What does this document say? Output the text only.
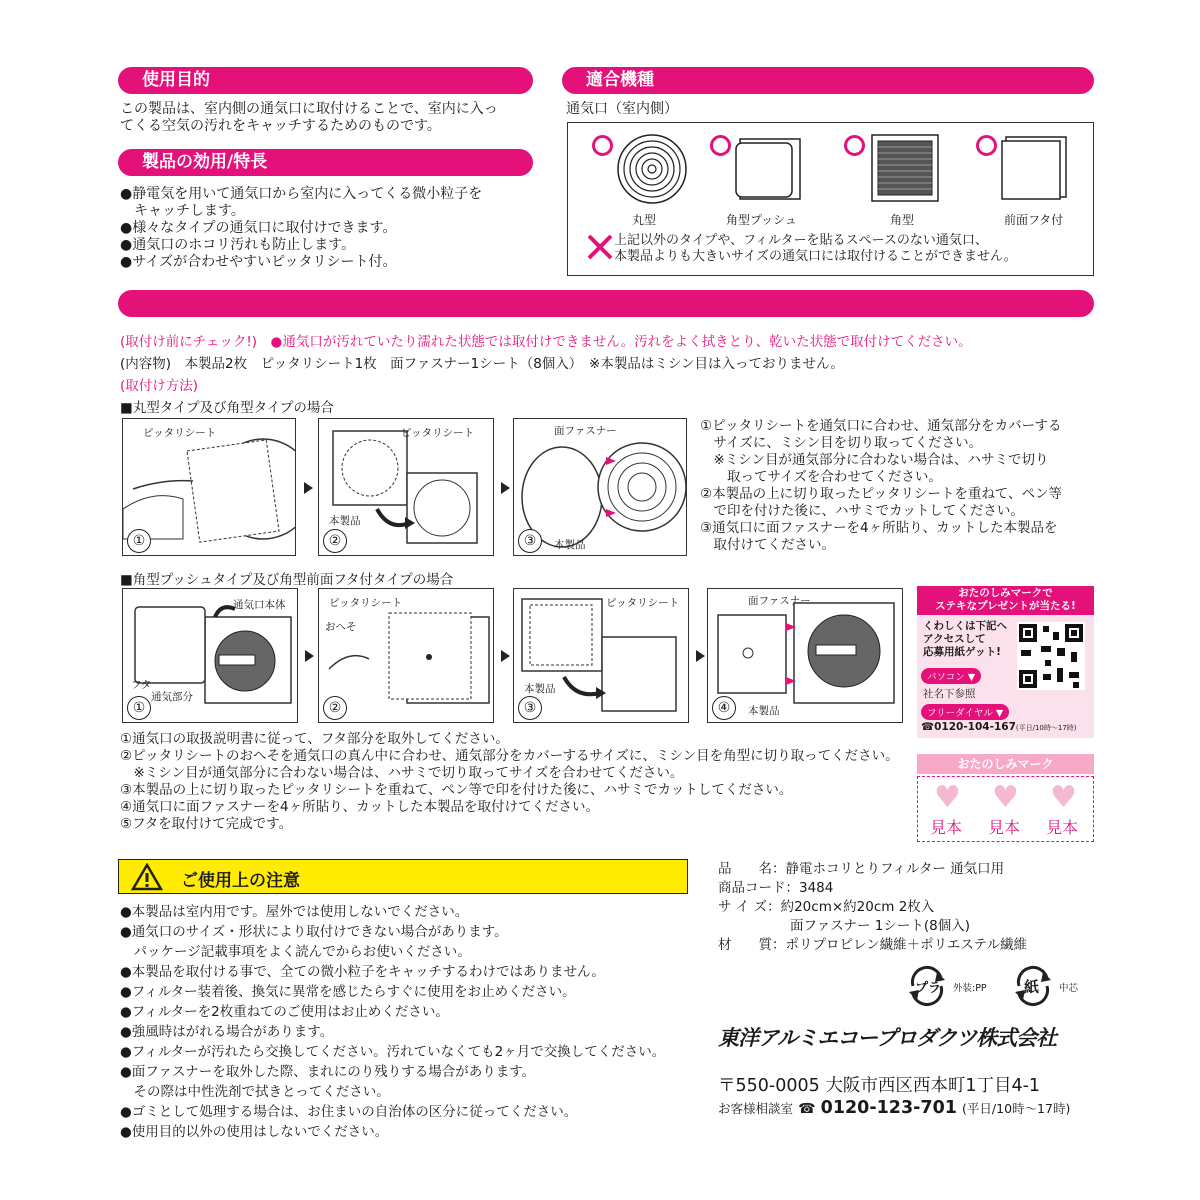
使用目的
この製品は、室内側の通気口に取付けることで、室内に入っ
てくる空気の汚れをキャッチするためのものです。
製品の効用/特長
●静電気を用いて通気口から室内に入ってくる微小粒子を
　キャッチします。
●様々なタイプの通気口に取付けできます。
●通気口のホコリ汚れも防止します。
●サイズが合わせやすいピッタリシート付。
適合機種
通気口（室内側）
丸型	角型プッシュ	角型	前面フタ付
上記以外のタイプや、フィルターを貼るスペースのない通気口、
本製品よりも大きいサイズの通気口には取付けることができません。
(取付け前にチェック!)　●通気口が汚れていたり濡れた状態では取付けできません。汚れをよく拭きとり、乾いた状態で取付けてください。
(内容物)　本製品2枚　ピッタリシート1枚　面ファスナー1シート（8個入）　※本製品はミシン目は入っておりません。
(取付け方法)
■丸型タイプ及び角型タイプの場合
ピッタリシート
①
ピッタリシート
本製品
②
面ファスナー
本製品
③
①ピッタリシートを通気口に合わせ、通気部分をカバーする
　サイズに、ミシン目を切り取ってください。
　※ミシン目が通気部分に合わない場合は、ハサミで切り
　　取ってサイズを合わせてください。
②本製品の上に切り取ったピッタリシートを重ねて、ペン等
　で印を付けた後に、ハサミでカットしてください。
③通気口に面ファスナーを4ヶ所貼り、カットした本製品を
　取付けてください。
■角型プッシュタイプ及び角型前面フタ付タイプの場合
通気口本体
フタ
通気部分
①
ピッタリシート
おへそ
②
ピッタリシート
本製品
③
面ファスナー
本製品
④
①通気口の取扱説明書に従って、フタ部分を取外してください。
②ピッタリシートのおへそを通気口の真ん中に合わせ、通気部分をカバーするサイズに、ミシン目を角型に切り取ってください。
　※ミシン目が通気部分に合わない場合は、ハサミで切り取ってサイズを合わせてください。
③本製品の上に切り取ったピッタリシートを重ねて、ペン等で印を付けた後に、ハサミでカットしてください。
④通気口に面ファスナーを4ヶ所貼り、カットした本製品を取付けてください。
⑤フタを取付けて完成です。
おたのしみマークで
ステキなプレゼントが当たる!
くわしくは下記へ
アクセスして
応募用紙ゲット!
パソコン ▼
社名下参照
フリーダイヤル ▼
☎0120-104-167(平日/10時〜17時)
おたのしみマーク
♥
見本
♥
見本
♥
見本
ご使用上の注意
●本製品は室内用です。屋外では使用しないでください。
●通気口のサイズ・形状により取付けできない場合があります。
　パッケージ記載事項をよく読んでからお使いください。
●本製品を取付ける事で、全ての微小粒子をキャッチするわけではありません。
●フィルター装着後、換気に異常を感じたらすぐに使用をお止めください。
●フィルターを2枚重ねてのご使用はお止めください。
●強風時はがれる場合があります。
●フィルターが汚れたら交換してください。汚れていなくても2ヶ月で交換してください。
●面ファスナーを取外した際、まれにのり残りする場合があります。
　その際は中性洗剤で拭きとってください。
●ゴミとして処理する場合は、お住まいの自治体の区分に従ってください。
●使用目的以外の使用はしないでください。
品　　名：静電ホコリとりフィルター 通気口用
商品コード：3484
サ イ ズ：約20cm×約20cm 2枚入
面ファスナー 1シート(8個入)
材　　質：ポリプロピレン繊維＋ポリエステル繊維
プラ 外装:PP 紙 中芯
東洋アルミエコープロダクツ株式会社
〒550-0005 大阪市西区西本町1丁目4-1
お客様相談室 ☎ 0120-123-701 (平日/10時〜17時)
